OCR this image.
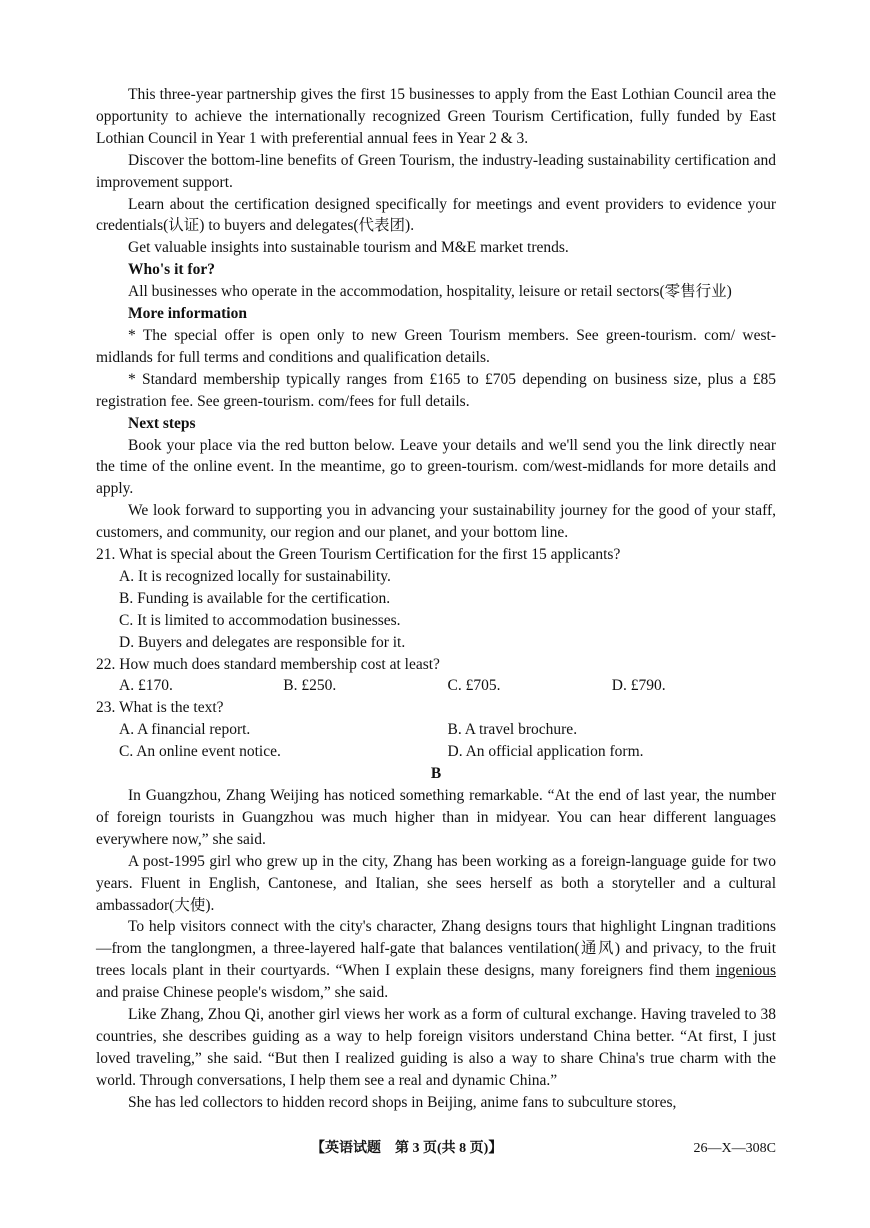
This three-year partnership gives the first 15 businesses to apply from the East Lothian Council area the opportunity to achieve the internationally recognized Green Tourism Certification, fully funded by East Lothian Council in Year 1 with preferential annual fees in Year 2 & 3.

Discover the bottom-line benefits of Green Tourism, the industry-leading sustainability certification and improvement support.

Learn about the certification designed specifically for meetings and event providers to evidence your credentials(认证) to buyers and delegates(代表团).

Get valuable insights into sustainable tourism and M&E market trends.

Who's it for?

All businesses who operate in the accommodation, hospitality, leisure or retail sectors(零售行业)

More information

* The special offer is open only to new Green Tourism members. See green-tourism. com/ west-midlands for full terms and conditions and qualification details.

* Standard membership typically ranges from £165 to £705 depending on business size, plus a £85 registration fee. See green-tourism. com/fees for full details.

Next steps

Book your place via the red button below. Leave your details and we'll send you the link directly near the time of the online event. In the meantime, go to green-tourism. com/west-midlands for more details and apply.

We look forward to supporting you in advancing your sustainability journey for the good of your staff, customers, and community, our region and our planet, and your bottom line.

21. What is special about the Green Tourism Certification for the first 15 applicants?

A. It is recognized locally for sustainability.

B. Funding is available for the certification.

C. It is limited to accommodation businesses.

D. Buyers and delegates are responsible for it.

22. How much does standard membership cost at least?

A. £170.	B. £250.	C. £705.	D. £790.

23. What is the text?

A. A financial report.	B. A travel brochure.
C. An online event notice.	D. An official application form.

B

In Guangzhou, Zhang Weijing has noticed something remarkable. “At the end of last year, the number of foreign tourists in Guangzhou was much higher than in midyear. You can hear different languages everywhere now,” she said.

A post-1995 girl who grew up in the city, Zhang has been working as a foreign-language guide for two years. Fluent in English, Cantonese, and Italian, she sees herself as both a storyteller and a cultural ambassador(大使).

To help visitors connect with the city's character, Zhang designs tours that highlight Lingnan traditions—from the tanglongmen, a three-layered half-gate that balances ventilation(通风) and privacy, to the fruit trees locals plant in their courtyards. “When I explain these designs, many foreigners find them ingenious and praise Chinese people's wisdom,” she said.

Like Zhang, Zhou Qi, another girl views her work as a form of cultural exchange. Having traveled to 38 countries, she describes guiding as a way to help foreign visitors understand China better. “At first, I just loved traveling,” she said. “But then I realized guiding is also a way to share China's true charm with the world. Through conversations, I help them see a real and dynamic China.”

She has led collectors to hidden record shops in Beijing, anime fans to subculture stores,

【英语试题　第 3 页(共 8 页)】	26—X—308C
